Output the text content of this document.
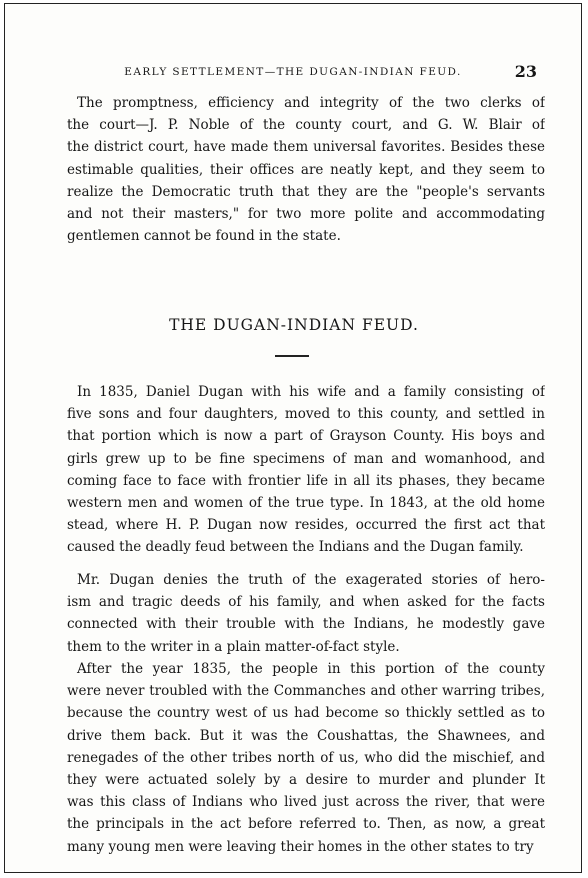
EARLY SETTLEMENT—THE DUGAN-INDIAN FEUD.	23
The promptness, efficiency and integrity of the two clerks of
the court—J. P. Noble of the county court, and G. W. Blair of
the district court, have made them universal favorites. Besides these
estimable qualities, their offices are neatly kept, and they seem to
realize the Democratic truth that they are the "people's servants
and not their masters," for two more polite and accommodating
gentlemen cannot be found in the state.
THE DUGAN-INDIAN FEUD.
In 1835, Daniel Dugan with his wife and a family consisting of
five sons and four daughters, moved to this county, and settled in
that portion which is now a part of Grayson County. His boys and
girls grew up to be fine specimens of man and womanhood, and
coming face to face with frontier life in all its phases, they became
western men and women of the true type. In 1843, at the old home
stead, where H. P. Dugan now resides, occurred the first act that
caused the deadly feud between the Indians and the Dugan family.
Mr. Dugan denies the truth of the exagerated stories of hero-
ism and tragic deeds of his family, and when asked for the facts
connected with their trouble with the Indians, he modestly gave
them to the writer in a plain matter-of-fact style.
After the year 1835, the people in this portion of the county
were never troubled with the Commanches and other warring tribes,
because the country west of us had become so thickly settled as to
drive them back. But it was the Coushattas, the Shawnees, and
renegades of the other tribes north of us, who did the mischief, and
they were actuated solely by a desire to murder and plunder It
was this class of Indians who lived just across the river, that were
the principals in the act before referred to. Then, as now, a great
many young men were leaving their homes in the other states to try
